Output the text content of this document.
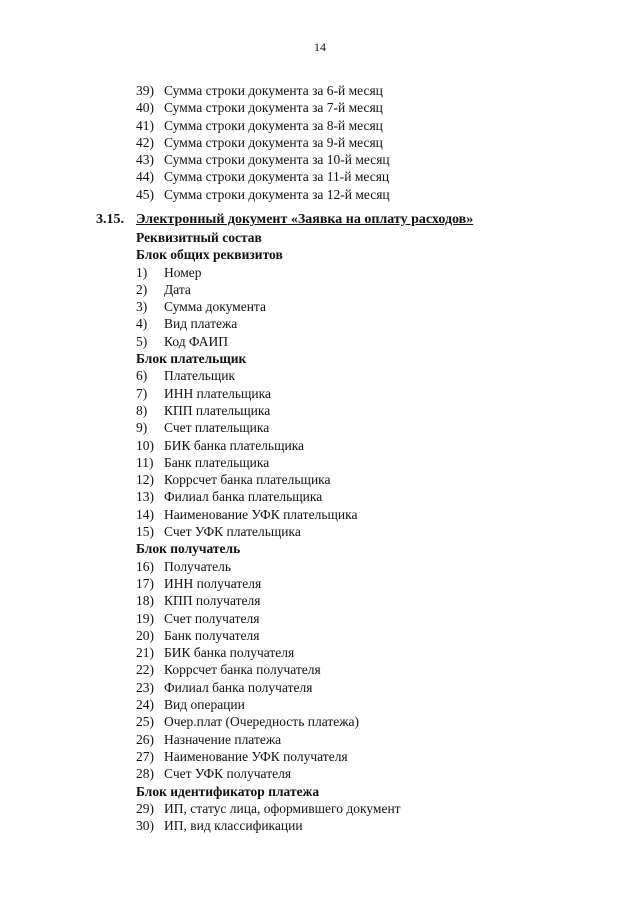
14
39) Сумма строки документа за 6-й месяц
40) Сумма строки документа за 7-й месяц
41) Сумма строки документа за 8-й месяц
42) Сумма строки документа за 9-й месяц
43) Сумма строки документа за 10-й месяц
44) Сумма строки документа за 11-й месяц
45) Сумма строки документа за 12-й месяц
3.15. Электронный документ «Заявка на оплату расходов»
Реквизитный состав
Блок общих реквизитов
1) Номер
2) Дата
3) Сумма документа
4) Вид платежа
5) Код ФАИП
Блок плательщик
6) Плательщик
7) ИНН плательщика
8) КПП плательщика
9) Счет плательщика
10) БИК банка плательщика
11) Банк плательщика
12) Коррсчет банка плательщика
13) Филиал банка плательщика
14) Наименование УФК плательщика
15) Счет УФК плательщика
Блок получатель
16) Получатель
17) ИНН получателя
18) КПП получателя
19) Счет получателя
20) Банк получателя
21) БИК банка получателя
22) Коррсчет банка получателя
23) Филиал банка получателя
24) Вид операции
25) Очер.плат (Очередность платежа)
26) Назначение платежа
27) Наименование УФК получателя
28) Счет УФК получателя
Блок идентификатор платежа
29) ИП, статус лица, оформившего документ
30) ИП, вид классификации
